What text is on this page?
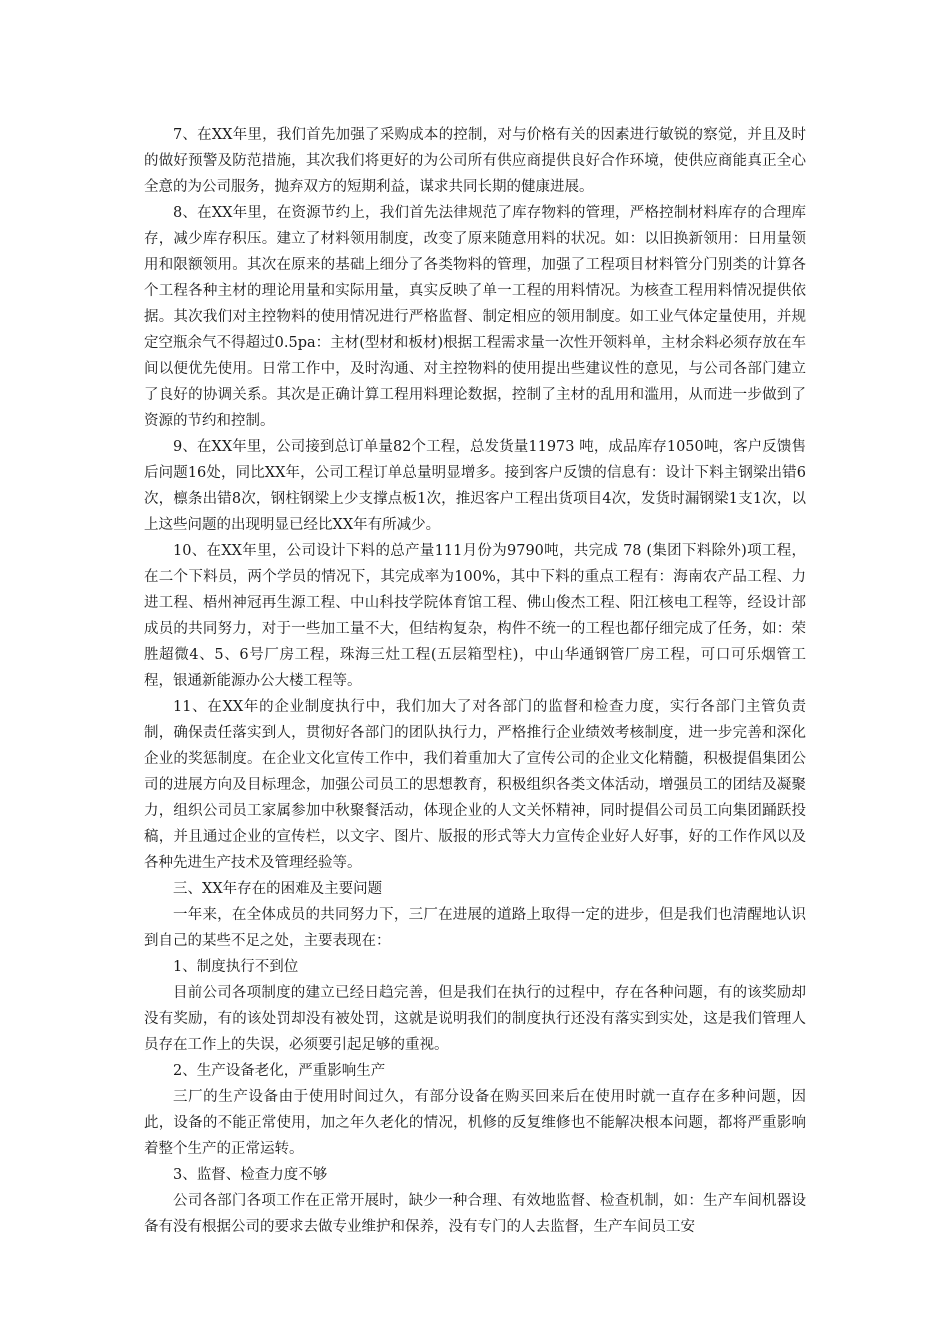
7、在XX年里，我们首先加强了采购成本的控制，对与价格有关的因素进行敏锐的察觉，并且及时的做好预警及防范措施，其次我们将更好的为公司所有供应商提供良好合作环境，使供应商能真正全心全意的为公司服务，抛弃双方的短期利益，谋求共同长期的健康进展。

8、在XX年里，在资源节约上，我们首先法律规范了库存物料的管理，严格控制材料库存的合理库存，减少库存积压。建立了材料领用制度，改变了原来随意用料的状况。如：以旧换新领用：日用量领用和限额领用。其次在原来的基础上细分了各类物料的管理，加强了工程项目材料管分门别类的计算各个工程各种主材的理论用量和实际用量，真实反映了单一工程的用料情况。为核查工程用料情况提供依据。其次我们对主控物料的使用情况进行严格监督、制定相应的领用制度。如工业气体定量使用，并规定空瓶余气不得超过0.5pa：主材(型材和板材)根据工程需求量一次性开领料单，主材余料必须存放在车间以便优先使用。日常工作中，及时沟通、对主控物料的使用提出些建议性的意见，与公司各部门建立了良好的协调关系。其次是正确计算工程用料理论数据，控制了主材的乱用和滥用，从而进一步做到了资源的节约和控制。

9、在XX年里，公司接到总订单量82个工程，总发货量11973 吨，成品库存1050吨，客户反馈售后问题16处，同比XX年，公司工程订单总量明显增多。接到客户反馈的信息有：设计下料主钢梁出错6次，檩条出错8次，钢柱钢梁上少支撑点板1次，推迟客户工程出货项目4次，发货时漏钢梁1支1次，以上这些问题的出现明显已经比XX年有所减少。

10、在XX年里，公司设计下料的总产量111月份为9790吨，共完成 78 (集团下料除外)项工程，在二个下料员，两个学员的情况下，其完成率为100%，其中下料的重点工程有：海南农产品工程、力进工程、梧州神冠再生源工程、中山科技学院体育馆工程、佛山俊杰工程、阳江核电工程等，经设计部成员的共同努力，对于一些加工量不大，但结构复杂，构件不统一的工程也都仔细完成了任务，如：荣胜超微4、5、6号厂房工程，珠海三灶工程(五层箱型柱)，中山华通钢管厂房工程，可口可乐烟管工程，银通新能源办公大楼工程等。

11、在XX年的企业制度执行中，我们加大了对各部门的监督和检查力度，实行各部门主管负责制，确保责任落实到人，贯彻好各部门的团队执行力，严格推行企业绩效考核制度，进一步完善和深化企业的奖惩制度。在企业文化宣传工作中，我们着重加大了宣传公司的企业文化精髓，积极提倡集团公司的进展方向及目标理念，加强公司员工的思想教育，积极组织各类文体活动，增强员工的团结及凝聚力，组织公司员工家属参加中秋聚餐活动，体现企业的人文关怀精神，同时提倡公司员工向集团踊跃投稿，并且通过企业的宣传栏，以文字、图片、版报的形式等大力宣传企业好人好事，好的工作作风以及各种先进生产技术及管理经验等。

三、XX年存在的困难及主要问题

一年来，在全体成员的共同努力下，三厂在进展的道路上取得一定的进步，但是我们也清醒地认识到自己的某些不足之处，主要表现在：

1、制度执行不到位

目前公司各项制度的建立已经日趋完善，但是我们在执行的过程中，存在各种问题，有的该奖励却没有奖励，有的该处罚却没有被处罚，这就是说明我们的制度执行还没有落实到实处，这是我们管理人员存在工作上的失误，必须要引起足够的重视。

2、生产设备老化，严重影响生产

三厂的生产设备由于使用时间过久，有部分设备在购买回来后在使用时就一直存在多种问题，因此，设备的不能正常使用，加之年久老化的情况，机修的反复维修也不能解决根本问题，都将严重影响着整个生产的正常运转。

3、监督、检查力度不够

公司各部门各项工作在正常开展时，缺少一种合理、有效地监督、检查机制，如：生产车间机器设备有没有根据公司的要求去做专业维护和保养，没有专门的人去监督，生产车间员工安
